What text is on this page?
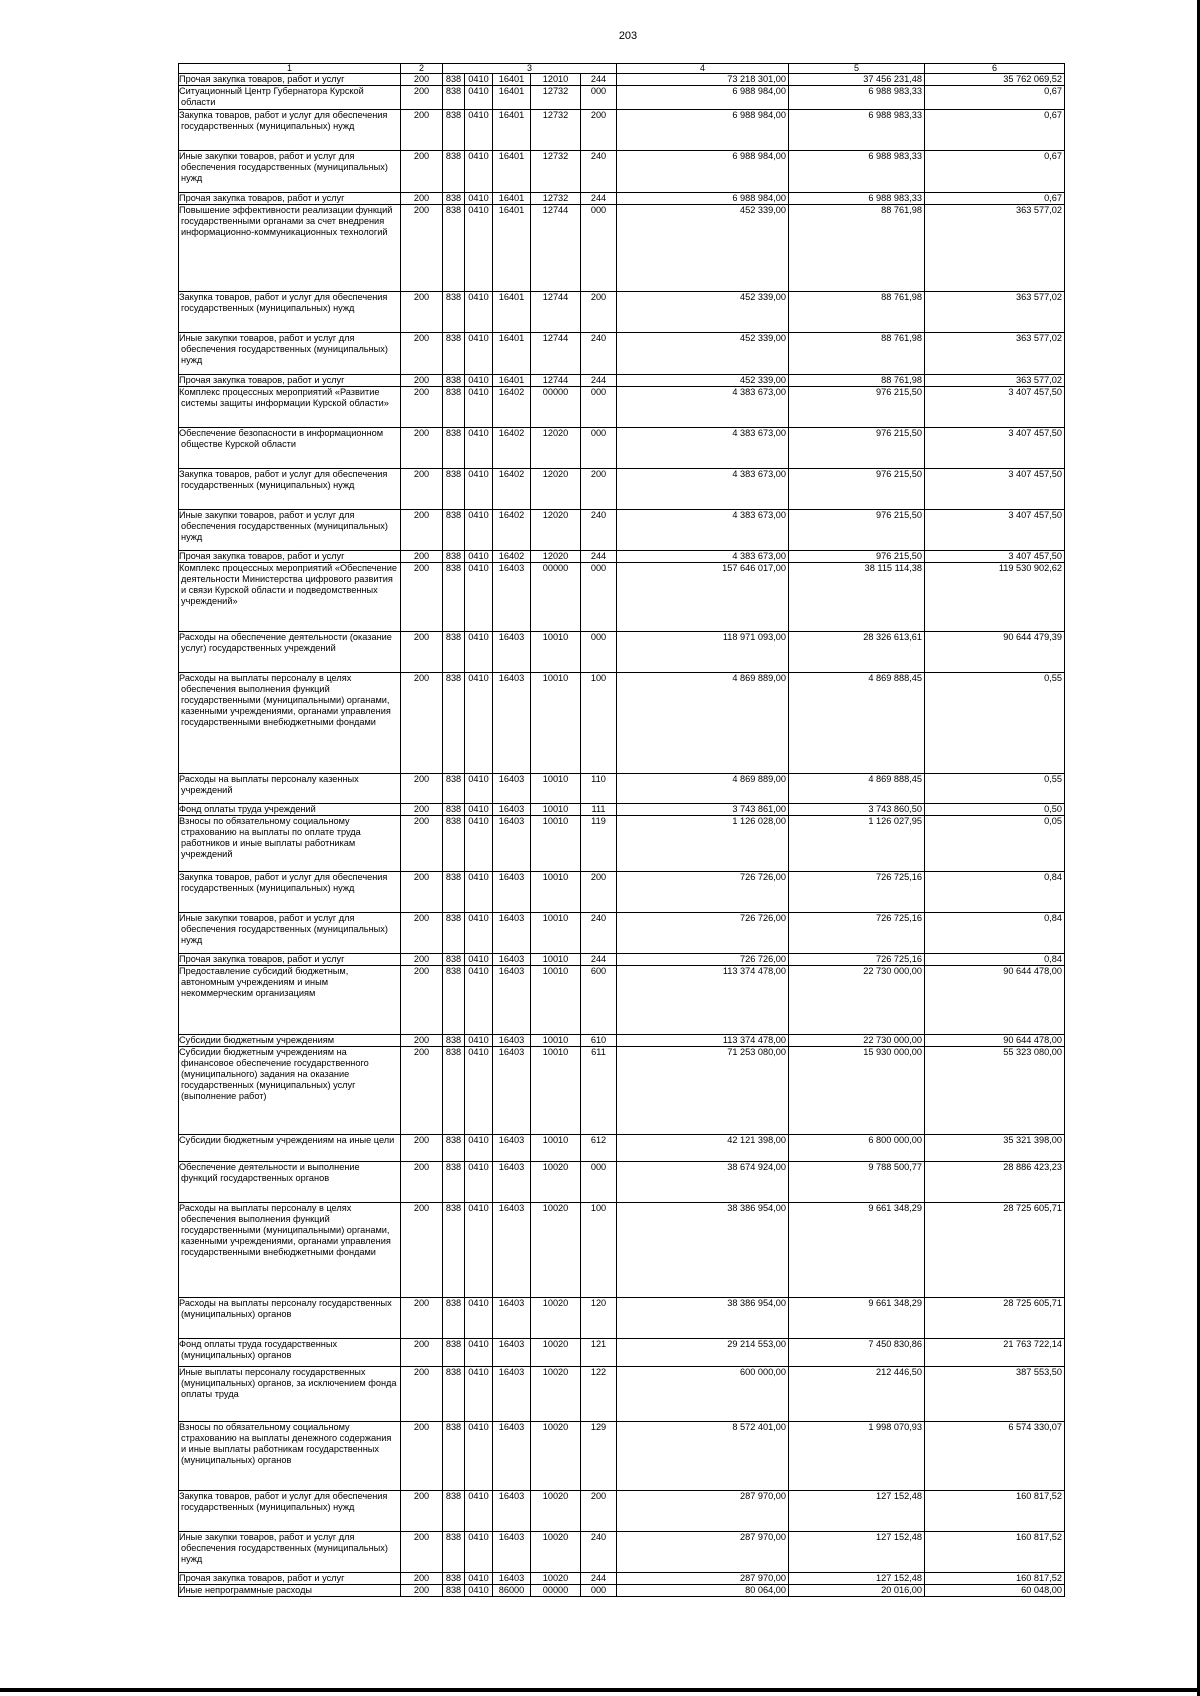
203
1	2	3					4	5	6
Прочая закупка товаров, работ и услуг	200	838	0410	16401	12010	244	73 218 301,00	37 456 231,48	35 762 069,52
Ситуационный Центр Губернатора Курской области	200	838	0410	16401	12732	000	6 988 984,00	6 988 983,33	0,67
Закупка товаров, работ и услуг для обеспечения государственных (муниципальных) нужд	200	838	0410	16401	12732	200	6 988 984,00	6 988 983,33	0,67
Иные закупки товаров, работ и услуг для обеспечения государственных (муниципальных) нужд	200	838	0410	16401	12732	240	6 988 984,00	6 988 983,33	0,67
Прочая закупка товаров, работ и услуг	200	838	0410	16401	12732	244	6 988 984,00	6 988 983,33	0,67
Повышение эффективности реализации функций государственными органами за счет внедрения информационно-коммуникационных технологий	200	838	0410	16401	12744	000	452 339,00	88 761,98	363 577,02
Закупка товаров, работ и услуг для обеспечения государственных (муниципальных) нужд	200	838	0410	16401	12744	200	452 339,00	88 761,98	363 577,02
Иные закупки товаров, работ и услуг для обеспечения государственных (муниципальных) нужд	200	838	0410	16401	12744	240	452 339,00	88 761,98	363 577,02
Прочая закупка товаров, работ и услуг	200	838	0410	16401	12744	244	452 339,00	88 761,98	363 577,02
Комплекс процессных мероприятий «Развитие системы защиты информации Курской области»	200	838	0410	16402	00000	000	4 383 673,00	976 215,50	3 407 457,50
Обеспечение безопасности в информационном обществе Курской области	200	838	0410	16402	12020	000	4 383 673,00	976 215,50	3 407 457,50
Закупка товаров, работ и услуг для обеспечения государственных (муниципальных) нужд	200	838	0410	16402	12020	200	4 383 673,00	976 215,50	3 407 457,50
Иные закупки товаров, работ и услуг для обеспечения государственных (муниципальных) нужд	200	838	0410	16402	12020	240	4 383 673,00	976 215,50	3 407 457,50
Прочая закупка товаров, работ и услуг	200	838	0410	16402	12020	244	4 383 673,00	976 215,50	3 407 457,50
Комплекс процессных мероприятий «Обеспечение деятельности Министерства цифрового развития и связи Курской области и подведомственных учреждений»	200	838	0410	16403	00000	000	157 646 017,00	38 115 114,38	119 530 902,62
Расходы на обеспечение деятельности (оказание услуг) государственных учреждений	200	838	0410	16403	10010	000	118 971 093,00	28 326 613,61	90 644 479,39
Расходы на выплаты персоналу в целях обеспечения выполнения функций государственными (муниципальными) органами, казенными учреждениями, органами управления государственными внебюджетными фондами	200	838	0410	16403	10010	100	4 869 889,00	4 869 888,45	0,55
Расходы на выплаты персоналу казенных учреждений	200	838	0410	16403	10010	110	4 869 889,00	4 869 888,45	0,55
Фонд оплаты труда учреждений	200	838	0410	16403	10010	111	3 743 861,00	3 743 860,50	0,50
Взносы по обязательному социальному страхованию на выплаты по оплате труда работников и иные выплаты работникам учреждений	200	838	0410	16403	10010	119	1 126 028,00	1 126 027,95	0,05
Закупка товаров, работ и услуг для обеспечения государственных (муниципальных) нужд	200	838	0410	16403	10010	200	726 726,00	726 725,16	0,84
Иные закупки товаров, работ и услуг для обеспечения государственных (муниципальных) нужд	200	838	0410	16403	10010	240	726 726,00	726 725,16	0,84
Прочая закупка товаров, работ и услуг	200	838	0410	16403	10010	244	726 726,00	726 725,16	0,84
Предоставление субсидий бюджетным, автономным учреждениям и иным некоммерческим организациям	200	838	0410	16403	10010	600	113 374 478,00	22 730 000,00	90 644 478,00
Субсидии бюджетным учреждениям	200	838	0410	16403	10010	610	113 374 478,00	22 730 000,00	90 644 478,00
Субсидии бюджетным учреждениям на финансовое обеспечение государственного (муниципального) задания на оказание государственных (муниципальных) услуг (выполнение работ)	200	838	0410	16403	10010	611	71 253 080,00	15 930 000,00	55 323 080,00
Субсидии бюджетным учреждениям на иные цели	200	838	0410	16403	10010	612	42 121 398,00	6 800 000,00	35 321 398,00
Обеспечение деятельности и выполнение функций государственных органов	200	838	0410	16403	10020	000	38 674 924,00	9 788 500,77	28 886 423,23
Расходы на выплаты персоналу в целях обеспечения выполнения функций государственными (муниципальными) органами, казенными учреждениями, органами управления государственными внебюджетными фондами	200	838	0410	16403	10020	100	38 386 954,00	9 661 348,29	28 725 605,71
Расходы на выплаты персоналу государственных (муниципальных) органов	200	838	0410	16403	10020	120	38 386 954,00	9 661 348,29	28 725 605,71
Фонд оплаты труда государственных (муниципальных) органов	200	838	0410	16403	10020	121	29 214 553,00	7 450 830,86	21 763 722,14
Иные выплаты персоналу государственных (муниципальных) органов, за исключением фонда оплаты труда	200	838	0410	16403	10020	122	600 000,00	212 446,50	387 553,50
Взносы по обязательному социальному страхованию на выплаты денежного содержания и иные выплаты работникам государственных (муниципальных) органов	200	838	0410	16403	10020	129	8 572 401,00	1 998 070,93	6 574 330,07
Закупка товаров, работ и услуг для обеспечения государственных (муниципальных) нужд	200	838	0410	16403	10020	200	287 970,00	127 152,48	160 817,52
Иные закупки товаров, работ и услуг для обеспечения государственных (муниципальных) нужд	200	838	0410	16403	10020	240	287 970,00	127 152,48	160 817,52
Прочая закупка товаров, работ и услуг	200	838	0410	16403	10020	244	287 970,00	127 152,48	160 817,52
Иные непрограммные расходы	200	838	0410	86000	00000	000	80 064,00	20 016,00	60 048,00
